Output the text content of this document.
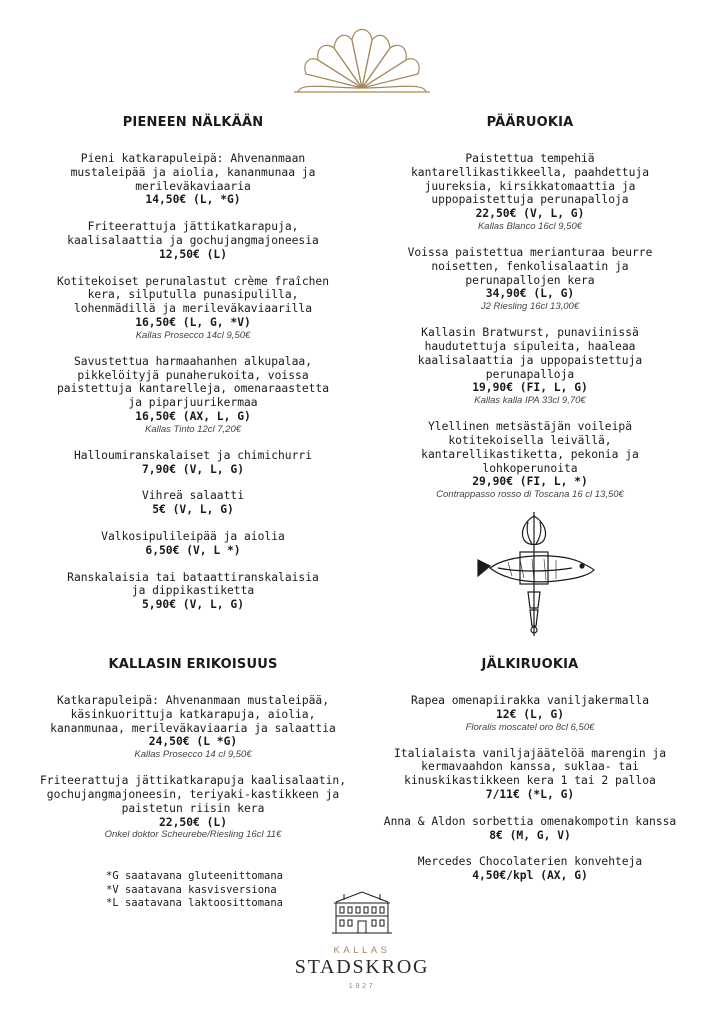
PIENEEN NÄLKÄÄN
Pieni katkarapuleipä: Ahvenanmaan
mustaleipää ja aiolia, kananmunaa ja
merileväkaviaaria
14,50€ (L, *G)
Friteerattuja jättikatkarapuja,
kaalisalaattia ja gochujangmajoneesia
12,50€ (L)
Kotitekoiset perunalastut crème fraîchen
kera, silputulla punasipulilla,
lohenmädillä ja merileväkaviaarilla
16,50€ (L, G, *V)
Kallas Prosecco 14cl 9,50€
Savustettua harmaahanhen alkupalaa,
pikkelöityjä punaherukoita, voissa
paistettuja kantarelleja, omenaraastetta
ja piparjuurikermaa
16,50€ (AX, L, G)
Kallas Tinto 12cl 7,20€
Halloumiranskalaiset ja chimichurri
7,90€ (V, L, G)
Vihreä salaatti
5€ (V, L, G)
Valkosipulileipää ja aiolia
6,50€ (V, L *)
Ranskalaisia tai bataattiranskalaisia
ja dippikastiketta
5,90€ (V, L, G)
PÄÄRUOKIA
Paistettua tempehiä
kantarellikastikkeella, paahdettuja
juureksia, kirsikkatomaattia ja
uppopaistettuja perunapalloja
22,50€ (V, L, G)
Kallas Blanco 16cl 9,50€
Voissa paistettua merianturaa beurre
noisetten, fenkolisalaatin ja
perunapallojen kera
34,90€ (L, G)
J2 Riesling 16cl 13,00€
Kallasin Bratwurst, punaviinissä
haudutettuja sipuleita, haaleaa
kaalisalaattia ja uppopaistettuja
perunapalloja
19,90€ (FI, L, G)
Kallas kalla IPA 33cl 9,70€
Ylellinen metsästäjän voileipä
kotitekoisella leivällä,
kantarellikastiketta, pekonia ja
lohkoperunoita
29,90€ (FI, L, *)
Contrappasso rosso di Toscana 16 cl 13,50€
KALLASIN ERIKOISUUS
Katkarapuleipä: Ahvenanmaan mustaleipää,
käsinkuorittuja katkarapuja, aiolia,
kananmunaa, merileväkaviaaria ja salaattia
24,50€ (L *G)
Kallas Prosecco 14 cl 9,50€
Friteerattuja jättikatkarapuja kaalisalaatin,
gochujangmajoneesin, teriyaki-kastikkeen ja
paistetun riisin kera
22,50€ (L)
Onkel doktor Scheurebe/Riesling 16cl 11€
JÄLKIRUOKIA
Rapea omenapiirakka vaniljakermalla
12€ (L, G)
Floralis moscatel oro 8cl 6,50€
Italialaista vaniljajäätelöä marengin ja
kermavaahdon kanssa, suklaa- tai
kinuskikastikkeen kera 1 tai 2 palloa
7/11€ (*L, G)
Anna & Aldon sorbettia omenakompotin kanssa
8€ (M, G, V)
Mercedes Chocolaterien konvehteja
4,50€/kpl (AX, G)
*G saatavana gluteenittomana
*V saatavana kasvisversiona
*L saatavana laktoosittomana
KALLAS
STADSKROG
1927
